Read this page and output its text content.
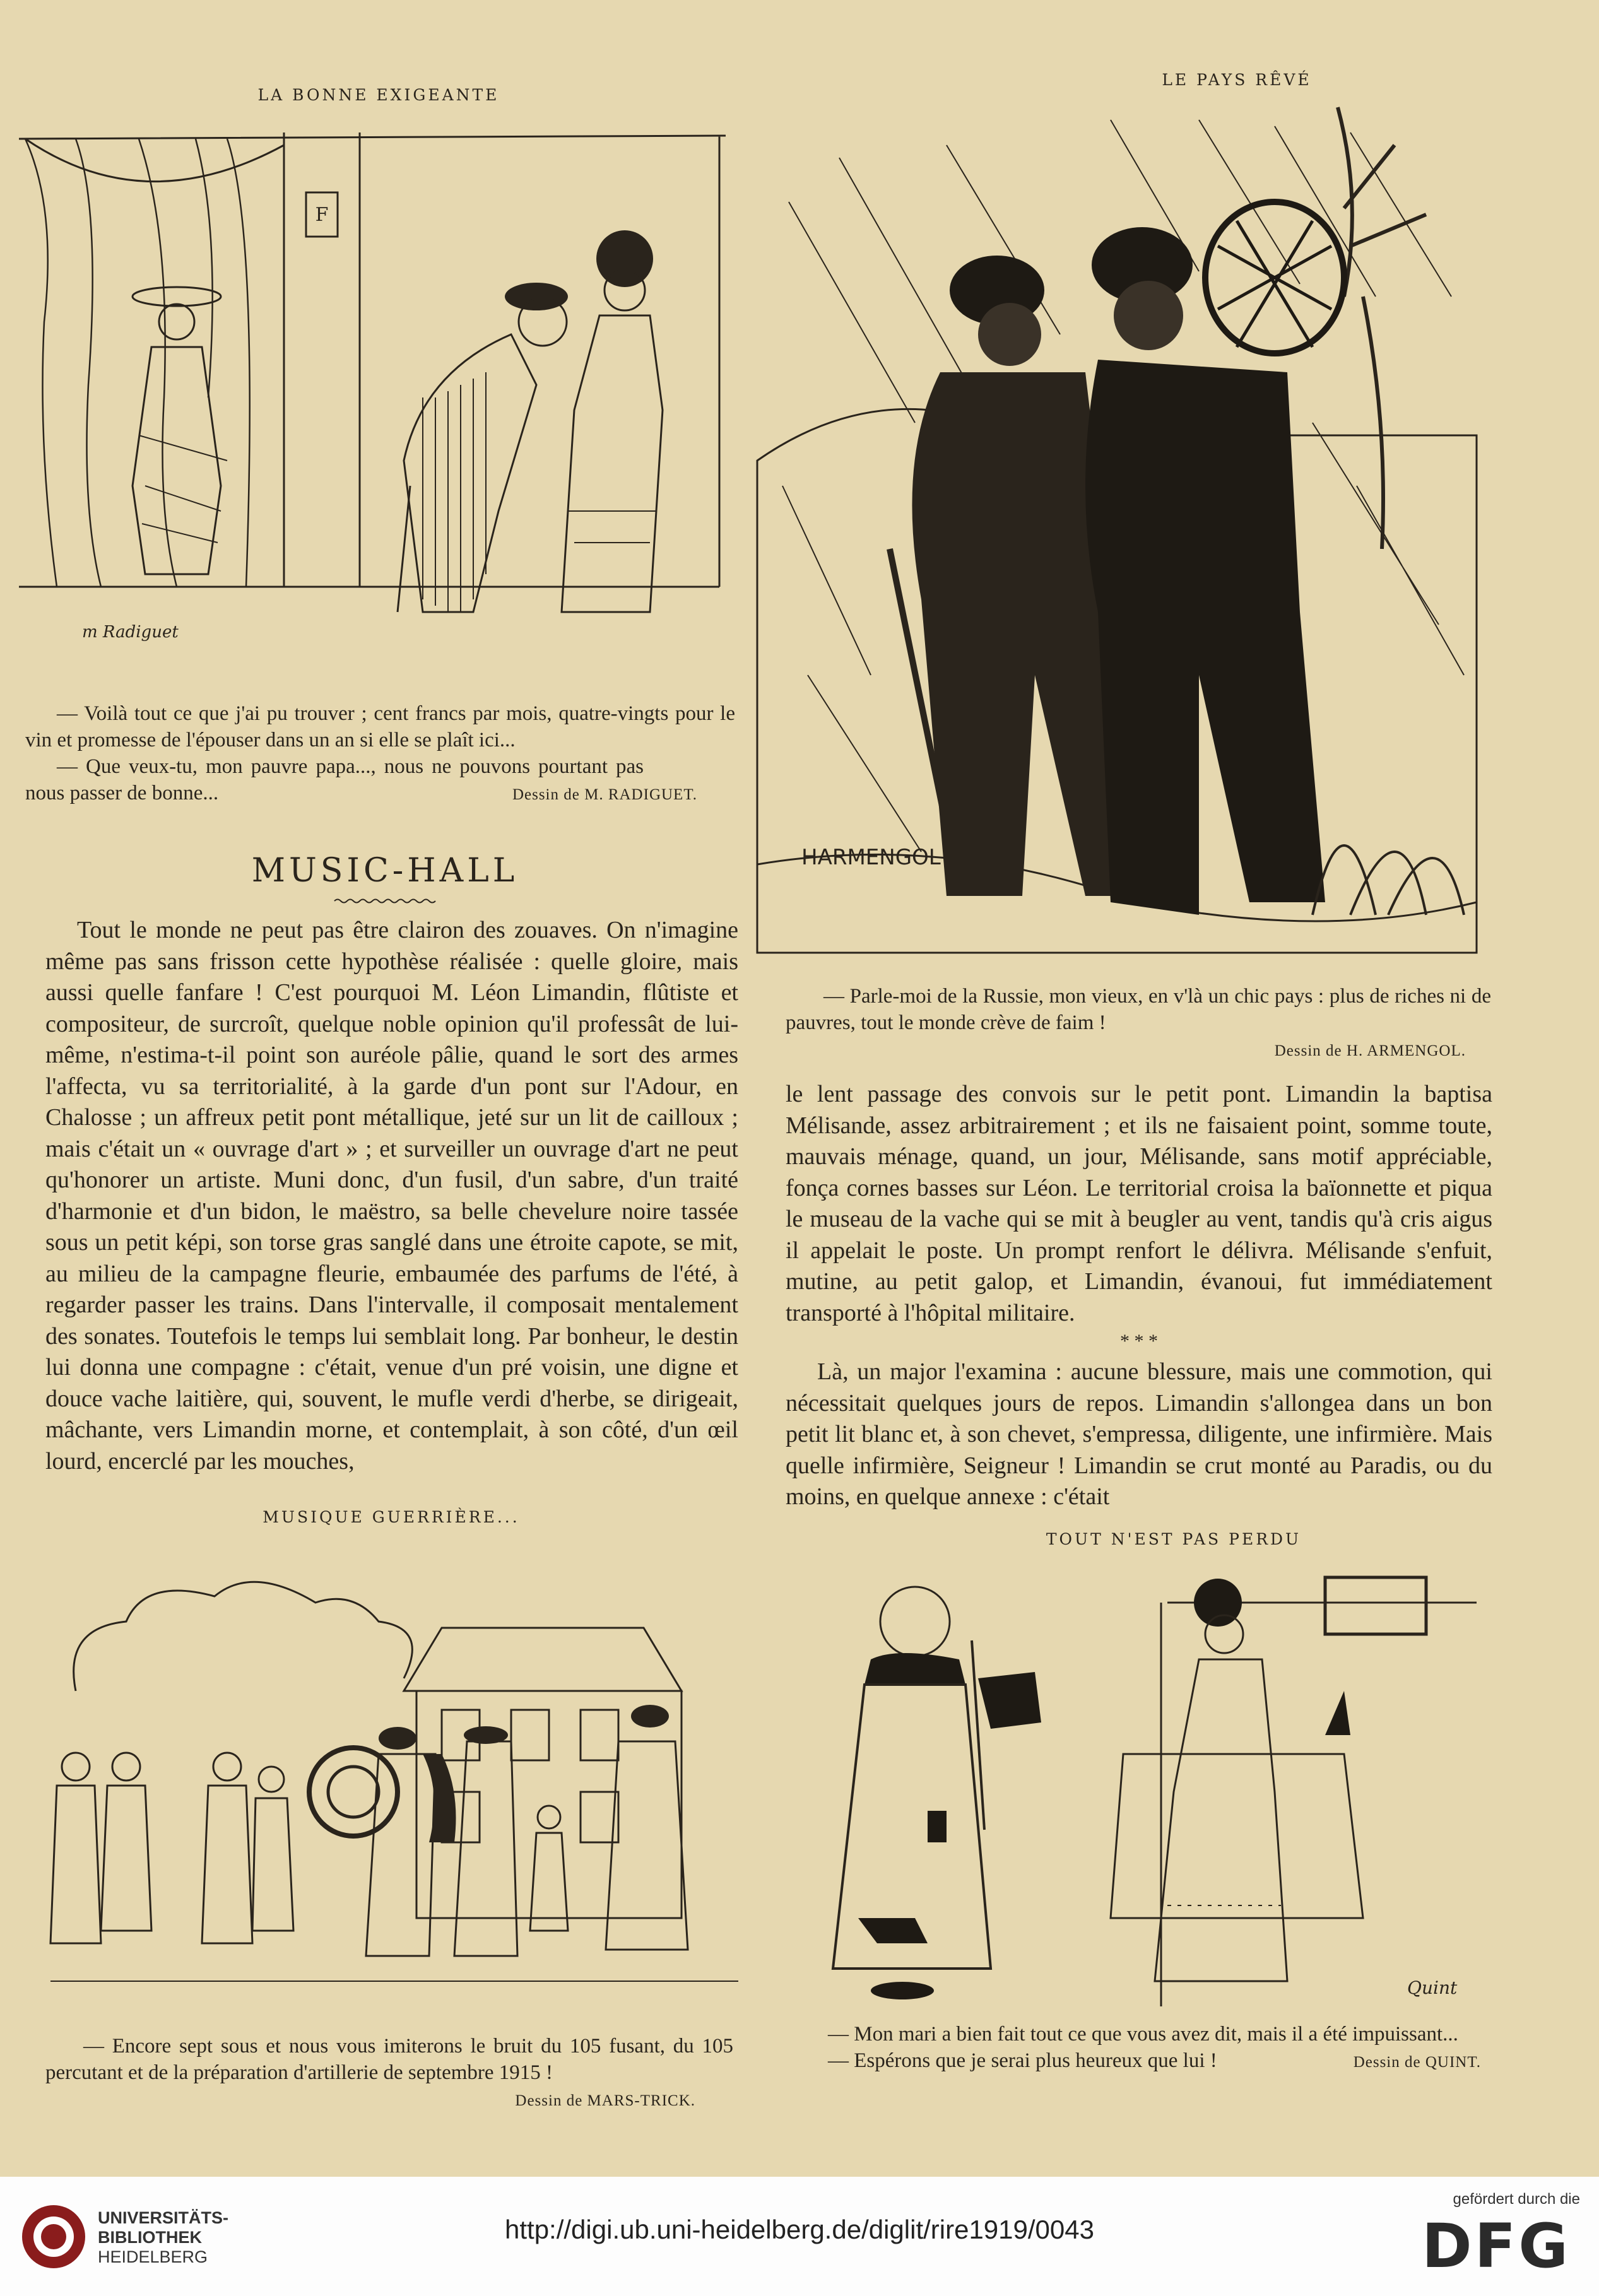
LA BONNE EXIGEANTE
F
m Radiguet
— Voilà tout ce que j'ai pu trouver ; cent francs par mois, quatre-vingts pour le vin et promesse de l'épouser dans un an si elle se plaît ici...
— Que veux-tu, mon pauvre papa..., nous ne pouvons pourtant pas nous passer de bonne...	Dessin de M. RADIGUET.
MUSIC-HALL

Tout le monde ne peut pas être clairon des zouaves. On n'imagine même pas sans frisson cette hypothèse réalisée : quelle gloire, mais aussi quelle fanfare ! C'est pourquoi M. Léon Limandin, flûtiste et compositeur, de surcroît, quelque noble opinion qu'il professât de lui-même, n'estima-t-il point son auréole pâlie, quand le sort des armes l'affecta, vu sa territorialité, à la garde d'un pont sur l'Adour, en Chalosse ; un affreux petit pont métallique, jeté sur un lit de cailloux ; mais c'était un « ouvrage d'art » ; et surveiller un ouvrage d'art ne peut qu'honorer un artiste. Muni donc, d'un fusil, d'un sabre, d'un traité d'harmonie et d'un bidon, le maëstro, sa belle chevelure noire tassée sous un petit képi, son torse gras sanglé dans une étroite capote, se mit, au milieu de la campagne fleurie, embaumée des parfums de l'été, à regarder passer les trains. Dans l'intervalle, il composait mentalement des sonates. Toutefois le temps lui semblait long. Par bonheur, le destin lui donna une compagne : c'était, venue d'un pré voisin, une digne et douce vache laitière, qui, souvent, le mufle verdi d'herbe, se dirigeait, mâchante, vers Limandin morne, et contemplait, à son côté, d'un œil lourd, encerclé par les mouches,

LE PAYS RÊVÉ
HARMENGOL
— Parle-moi de la Russie, mon vieux, en v'là un chic pays : plus de riches ni de pauvres, tout le monde crève de faim !
Dessin de H. ARMENGOL.

le lent passage des convois sur le petit pont. Limandin la baptisa Mélisande, assez arbitrairement ; et ils ne faisaient point, somme toute, mauvais ménage, quand, un jour, Mélisande, sans motif appréciable, fonça cornes basses sur Léon. Le territorial croisa la baïonnette et piqua le museau de la vache qui se mit à beugler au vent, tandis qu'à cris aigus il appelait le poste. Un prompt renfort le délivra. Mélisande s'enfuit, mutine, au petit galop, et Limandin, évanoui, fut immédiatement transporté à l'hôpital militaire.

* * *

Là, un major l'examina : aucune blessure, mais une commotion, qui nécessitait quelques jours de repos. Limandin s'allongea dans un bon petit lit blanc et, à son chevet, s'empressa, diligente, une infirmière. Mais quelle infirmière, Seigneur ! Limandin se crut monté au Paradis, ou du moins, en quelque annexe : c'était

MUSIQUE GUERRIÈRE...
— Encore sept sous et nous vous imiterons le bruit du 105 fusant, du 105 percutant et de la préparation d'artillerie de septembre 1915 !
Dessin de MARS-TRICK.
TOUT N'EST PAS PERDU
Quint
— Mon mari a bien fait tout ce que vous avez dit, mais il a été impuissant...
— Espérons que je serai plus heureux que lui !	Dessin de QUINT.
UNIVERSITÄTS-
BIBLIOTHEK
HEIDELBERG
http://digi.ub.uni-heidelberg.de/diglit/rire1919/0043
gefördert durch die
DFG
